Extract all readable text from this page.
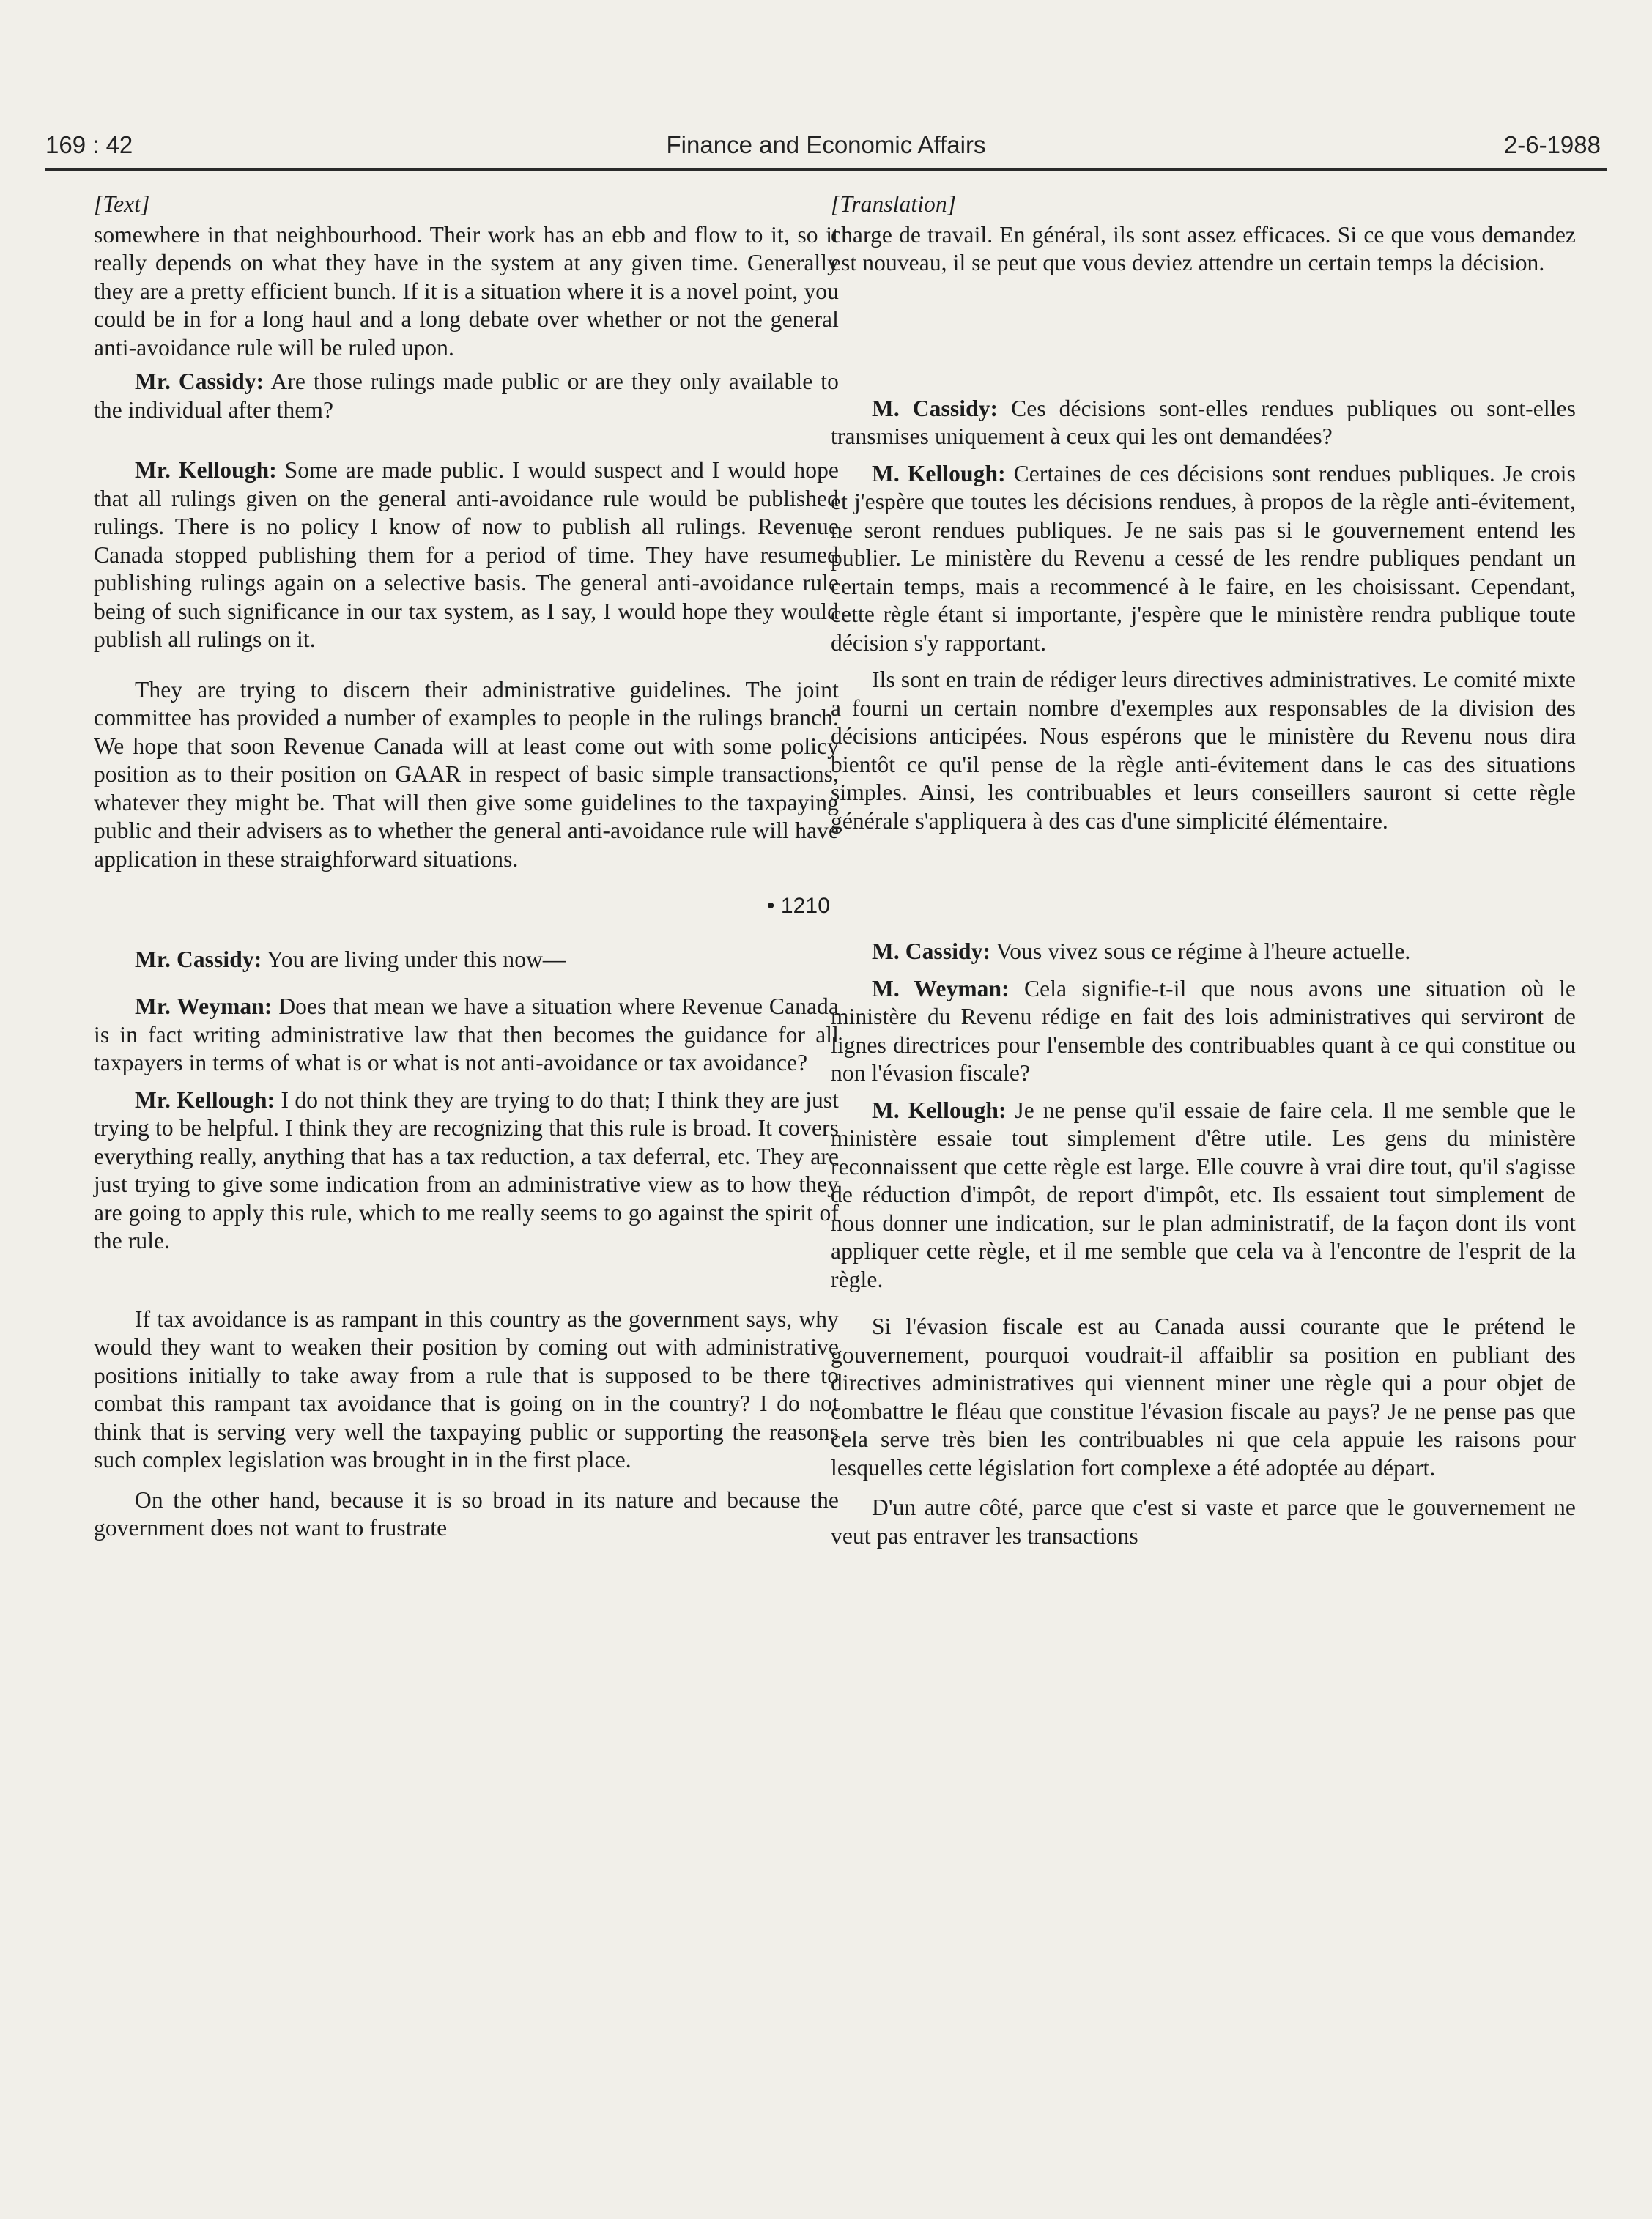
169 : 42	Finance and Economic Affairs	2-6-1988

[Text]

somewhere in that neighbourhood. Their work has an ebb and flow to it, so it really depends on what they have in the system at any given time. Generally they are a pretty efficient bunch. If it is a situation where it is a novel point, you could be in for a long haul and a long debate over whether or not the general anti-avoidance rule will be ruled upon.

Mr. Cassidy: Are those rulings made public or are they only available to the individual after them?

Mr. Kellough: Some are made public. I would suspect and I would hope that all rulings given on the general anti-avoidance rule would be published rulings. There is no policy I know of now to publish all rulings. Revenue Canada stopped publishing them for a period of time. They have resumed publishing rulings again on a selective basis. The general anti-avoidance rule being of such significance in our tax system, as I say, I would hope they would publish all rulings on it.

They are trying to discern their administrative guidelines. The joint committee has provided a number of examples to people in the rulings branch. We hope that soon Revenue Canada will at least come out with some policy position as to their position on GAAR in respect of basic simple transactions, whatever they might be. That will then give some guidelines to the taxpaying public and their advisers as to whether the general anti-avoidance rule will have application in these straighforward situations.

• 1210

Mr. Cassidy: You are living under this now—

Mr. Weyman: Does that mean we have a situation where Revenue Canada is in fact writing administrative law that then becomes the guidance for all taxpayers in terms of what is or what is not anti-avoidance or tax avoidance?

Mr. Kellough: I do not think they are trying to do that; I think they are just trying to be helpful. I think they are recognizing that this rule is broad. It covers everything really, anything that has a tax reduction, a tax deferral, etc. They are just trying to give some indication from an administrative view as to how they are going to apply this rule, which to me really seems to go against the spirit of the rule.

If tax avoidance is as rampant in this country as the government says, why would they want to weaken their position by coming out with administrative positions initially to take away from a rule that is supposed to be there to combat this rampant tax avoidance that is going on in the country? I do not think that is serving very well the taxpaying public or supporting the reasons such complex legislation was brought in in the first place.

On the other hand, because it is so broad in its nature and because the government does not want to frustrate

[Translation]

charge de travail. En général, ils sont assez efficaces. Si ce que vous demandez est nouveau, il se peut que vous deviez attendre un certain temps la décision.

M. Cassidy: Ces décisions sont-elles rendues publiques ou sont-elles transmises uniquement à ceux qui les ont demandées?

M. Kellough: Certaines de ces décisions sont rendues publiques. Je crois et j'espère que toutes les décisions rendues, à propos de la règle anti-évitement, ne seront rendues publiques. Je ne sais pas si le gouvernement entend les publier. Le ministère du Revenu a cessé de les rendre publiques pendant un certain temps, mais a recommencé à le faire, en les choisissant. Cependant, cette règle étant si importante, j'espère que le ministère rendra publique toute décision s'y rapportant.

Ils sont en train de rédiger leurs directives administratives. Le comité mixte a fourni un certain nombre d'exemples aux responsables de la division des décisions anticipées. Nous espérons que le ministère du Revenu nous dira bientôt ce qu'il pense de la règle anti-évitement dans le cas des situations simples. Ainsi, les contribuables et leurs conseillers sauront si cette règle générale s'appliquera à des cas d'une simplicité élémentaire.

M. Cassidy: Vous vivez sous ce régime à l'heure actuelle.

M. Weyman: Cela signifie-t-il que nous avons une situation où le ministère du Revenu rédige en fait des lois administratives qui serviront de lignes directrices pour l'ensemble des contribuables quant à ce qui constitue ou non l'évasion fiscale?

M. Kellough: Je ne pense qu'il essaie de faire cela. Il me semble que le ministère essaie tout simplement d'être utile. Les gens du ministère reconnaissent que cette règle est large. Elle couvre à vrai dire tout, qu'il s'agisse de réduction d'impôt, de report d'impôt, etc. Ils essaient tout simplement de nous donner une indication, sur le plan administratif, de la façon dont ils vont appliquer cette règle, et il me semble que cela va à l'encontre de l'esprit de la règle.

Si l'évasion fiscale est au Canada aussi courante que le prétend le gouvernement, pourquoi voudrait-il affaiblir sa position en publiant des directives administratives qui viennent miner une règle qui a pour objet de combattre le fléau que constitue l'évasion fiscale au pays? Je ne pense pas que cela serve très bien les contribuables ni que cela appuie les raisons pour lesquelles cette législation fort complexe a été adoptée au départ.

D'un autre côté, parce que c'est si vaste et parce que le gouvernement ne veut pas entraver les transactions
